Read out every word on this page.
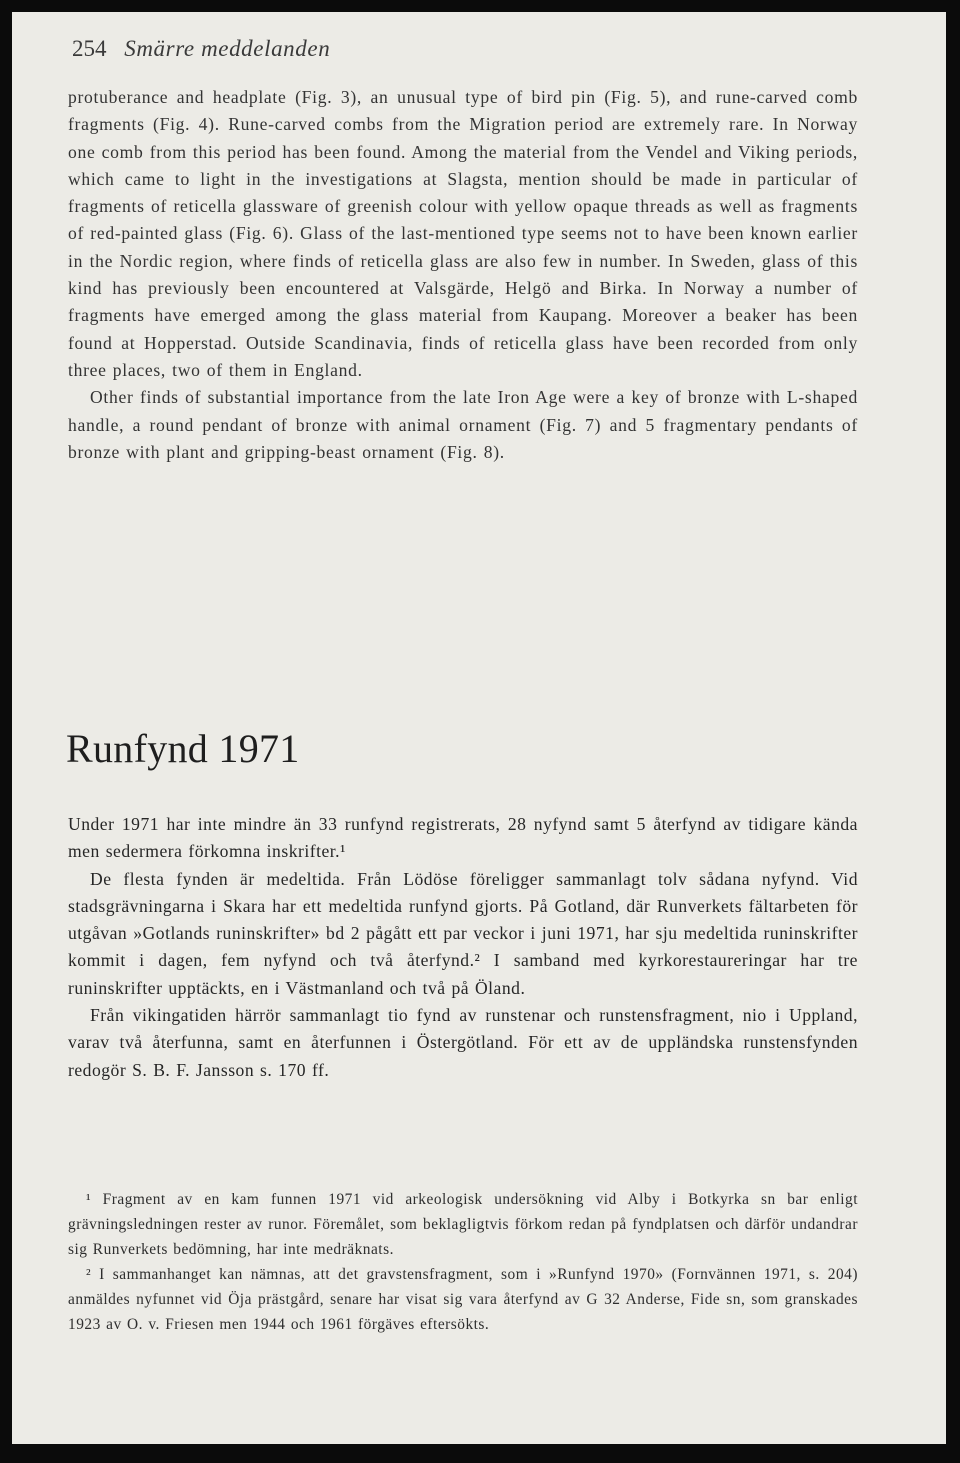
254 Smärre meddelanden

protuberance and headplate (Fig. 3), an unusual type of bird pin (Fig. 5), and rune-carved comb fragments (Fig. 4). Rune-carved combs from the Migration period are extremely rare. In Norway one comb from this period has been found. Among the material from the Vendel and Viking periods, which came to light in the investigations at Slagsta, mention should be made in particular of fragments of reticella glassware of greenish colour with yellow opaque threads as well as fragments of red-painted glass (Fig. 6). Glass of the last-mentioned type seems not to have been known earlier in the Nordic region, where finds of reticella glass are also few in number. In Sweden, glass of this kind has previously been encountered at Valsgärde, Helgö and Birka. In Norway a number of fragments have emerged among the glass material from Kaupang. Moreover a beaker has been found at Hopperstad. Outside Scandinavia, finds of reticella glass have been recorded from only three places, two of them in England.

Other finds of substantial importance from the late Iron Age were a key of bronze with L-shaped handle, a round pendant of bronze with animal ornament (Fig. 7) and 5 fragmentary pendants of bronze with plant and gripping-beast ornament (Fig. 8).

Runfynd 1971

Under 1971 har inte mindre än 33 runfynd registrerats, 28 nyfynd samt 5 återfynd av tidigare kända men sedermera förkomna inskrifter.¹

De flesta fynden är medeltida. Från Lödöse föreligger sammanlagt tolv sådana nyfynd. Vid stadsgrävningarna i Skara har ett medeltida runfynd gjorts. På Gotland, där Runverkets fältarbeten för utgåvan »Gotlands runinskrifter» bd 2 pågått ett par veckor i juni 1971, har sju medeltida runinskrifter kommit i dagen, fem nyfynd och två återfynd.² I samband med kyrkorestaureringar har tre runinskrifter upptäckts, en i Västmanland och två på Öland.

Från vikingatiden härrör sammanlagt tio fynd av runstenar och runstensfragment, nio i Uppland, varav två återfunna, samt en återfunnen i Östergötland. För ett av de uppländska runstensfynden redogör S. B. F. Jansson s. 170 ff.

¹ Fragment av en kam funnen 1971 vid arkeologisk undersökning vid Alby i Botkyrka sn bar enligt grävningsledningen rester av runor. Föremålet, som beklagligtvis förkom redan på fyndplatsen och därför undandrar sig Runverkets bedömning, har inte medräknats.

² I sammanhanget kan nämnas, att det gravstensfragment, som i »Runfynd 1970» (Fornvännen 1971, s. 204) anmäldes nyfunnet vid Öja prästgård, senare har visat sig vara återfynd av G 32 Anderse, Fide sn, som granskades 1923 av O. v. Friesen men 1944 och 1961 förgäves eftersökts.
